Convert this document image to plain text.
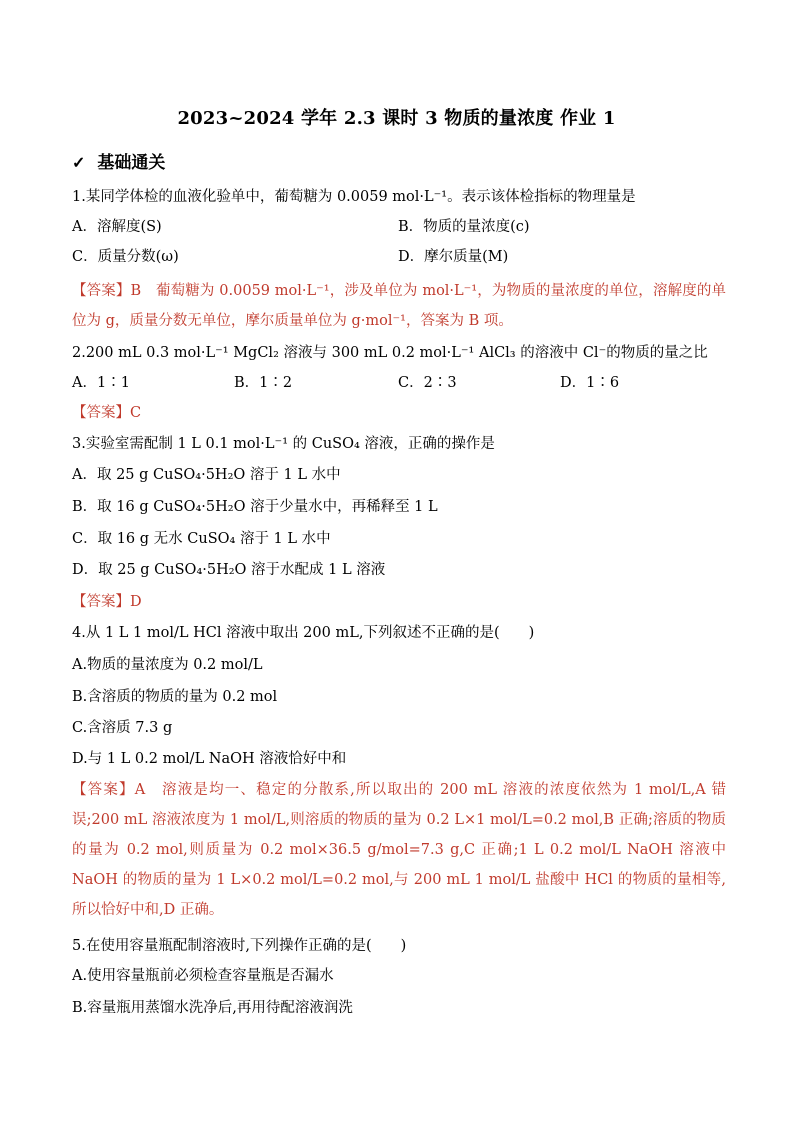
2023~2024 学年 2.3 课时 3 物质的量浓度 作业 1
✓ 基础通关
1.某同学体检的血液化验单中，葡萄糖为 0.0059 mol·L⁻¹。表示该体检指标的物理量是
A．溶解度(S)	B．物质的量浓度(c)
C．质量分数(ω)	D．摩尔质量(M)
【答案】B　葡萄糖为 0.0059 mol·L⁻¹，涉及单位为 mol·L⁻¹，为物质的量浓度的单位，溶解度的单位为 g，质量分数无单位，摩尔质量单位为 g·mol⁻¹，答案为 B 项。
2.200 mL 0.3 mol·L⁻¹ MgCl₂ 溶液与 300 mL 0.2 mol·L⁻¹ AlCl₃ 的溶液中 Cl⁻的物质的量之比
A．1∶1	B．1∶2	C．2∶3	D．1∶6
【答案】C
3.实验室需配制 1 L 0.1 mol·L⁻¹ 的 CuSO₄ 溶液，正确的操作是
A．取 25 g CuSO₄·5H₂O 溶于 1 L 水中
B．取 16 g CuSO₄·5H₂O 溶于少量水中，再稀释至 1 L
C．取 16 g 无水 CuSO₄ 溶于 1 L 水中
D．取 25 g CuSO₄·5H₂O 溶于水配成 1 L 溶液
【答案】D
4.从 1 L 1 mol/L HCl 溶液中取出 200 mL,下列叙述不正确的是(　　)
A.物质的量浓度为 0.2 mol/L
B.含溶质的物质的量为 0.2 mol
C.含溶质 7.3 g
D.与 1 L 0.2 mol/L NaOH 溶液恰好中和
【答案】A　溶液是均一、稳定的分散系,所以取出的 200 mL 溶液的浓度依然为 1 mol/L,A 错误;200 mL 溶液浓度为 1 mol/L,则溶质的物质的量为 0.2 L×1 mol/L=0.2 mol,B 正确;溶质的物质的量为 0.2 mol,则质量为 0.2 mol×36.5 g/mol=7.3 g,C 正确;1 L 0.2 mol/L NaOH 溶液中 NaOH 的物质的量为 1 L×0.2 mol/L=0.2 mol,与 200 mL 1 mol/L 盐酸中 HCl 的物质的量相等,所以恰好中和,D 正确。
5.在使用容量瓶配制溶液时,下列操作正确的是(　　)
A.使用容量瓶前必须检查容量瓶是否漏水
B.容量瓶用蒸馏水洗净后,再用待配溶液润洗
